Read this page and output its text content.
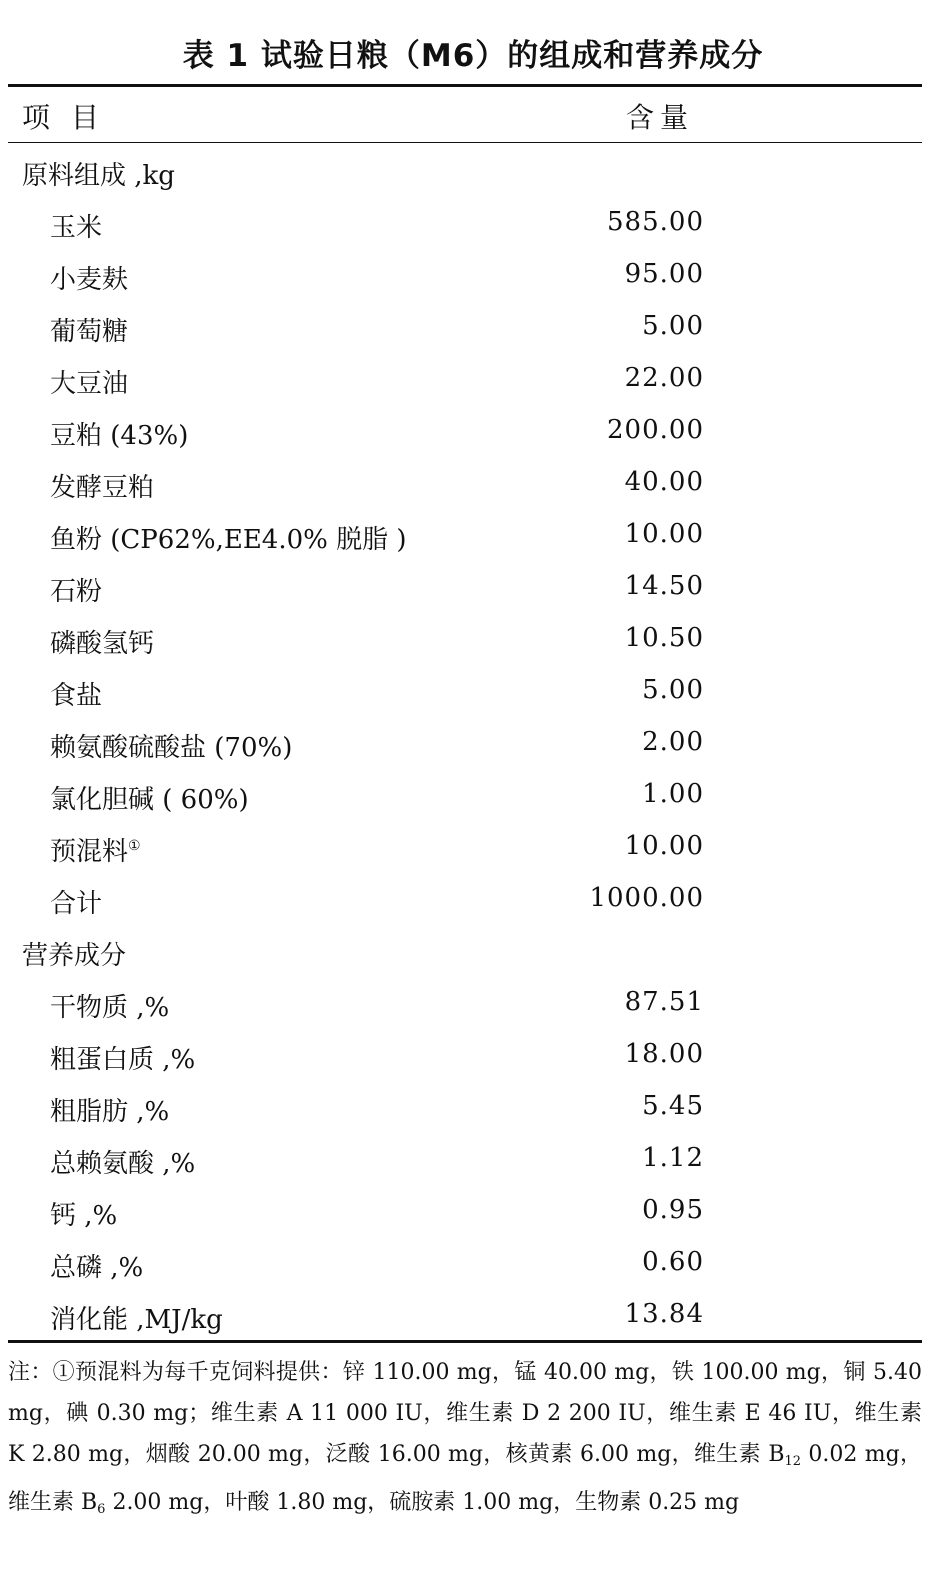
表 1 试验日粮（M6）的组成和营养成分
项 目	含量
原料组成 ,kg
玉米	585.00
小麦麸	95.00
葡萄糖	5.00
大豆油	22.00
豆粕 (43%)	200.00
发酵豆粕	40.00
鱼粉 (CP62%,EE4.0% 脱脂 )	10.00
石粉	14.50
磷酸氢钙	10.50
食盐	5.00
赖氨酸硫酸盐 (70%)	2.00
氯化胆碱 ( 60%)	1.00
预混料①	10.00
合计	1000.00
营养成分
干物质 ,%	87.51
粗蛋白质 ,%	18.00
粗脂肪 ,%	5.45
总赖氨酸 ,%	1.12
钙 ,%	0.95
总磷 ,%	0.60
消化能 ,MJ/kg	13.84

注：①预混料为每千克饲料提供：锌 110.00 mg，锰 40.00 mg，铁 100.00 mg，铜 5.40 mg，碘 0.30 mg；维生素 A 11 000 IU，维生素 D 2 200 IU，维生素 E 46 IU，维生素 K 2.80 mg，烟酸 20.00 mg，泛酸 16.00 mg，核黄素 6.00 mg，维生素 $B_{12}$ 0.02 mg，维生素 $B_6$ 2.00 mg，叶酸 1.80 mg，硫胺素 1.00 mg，生物素 0.25 mg
